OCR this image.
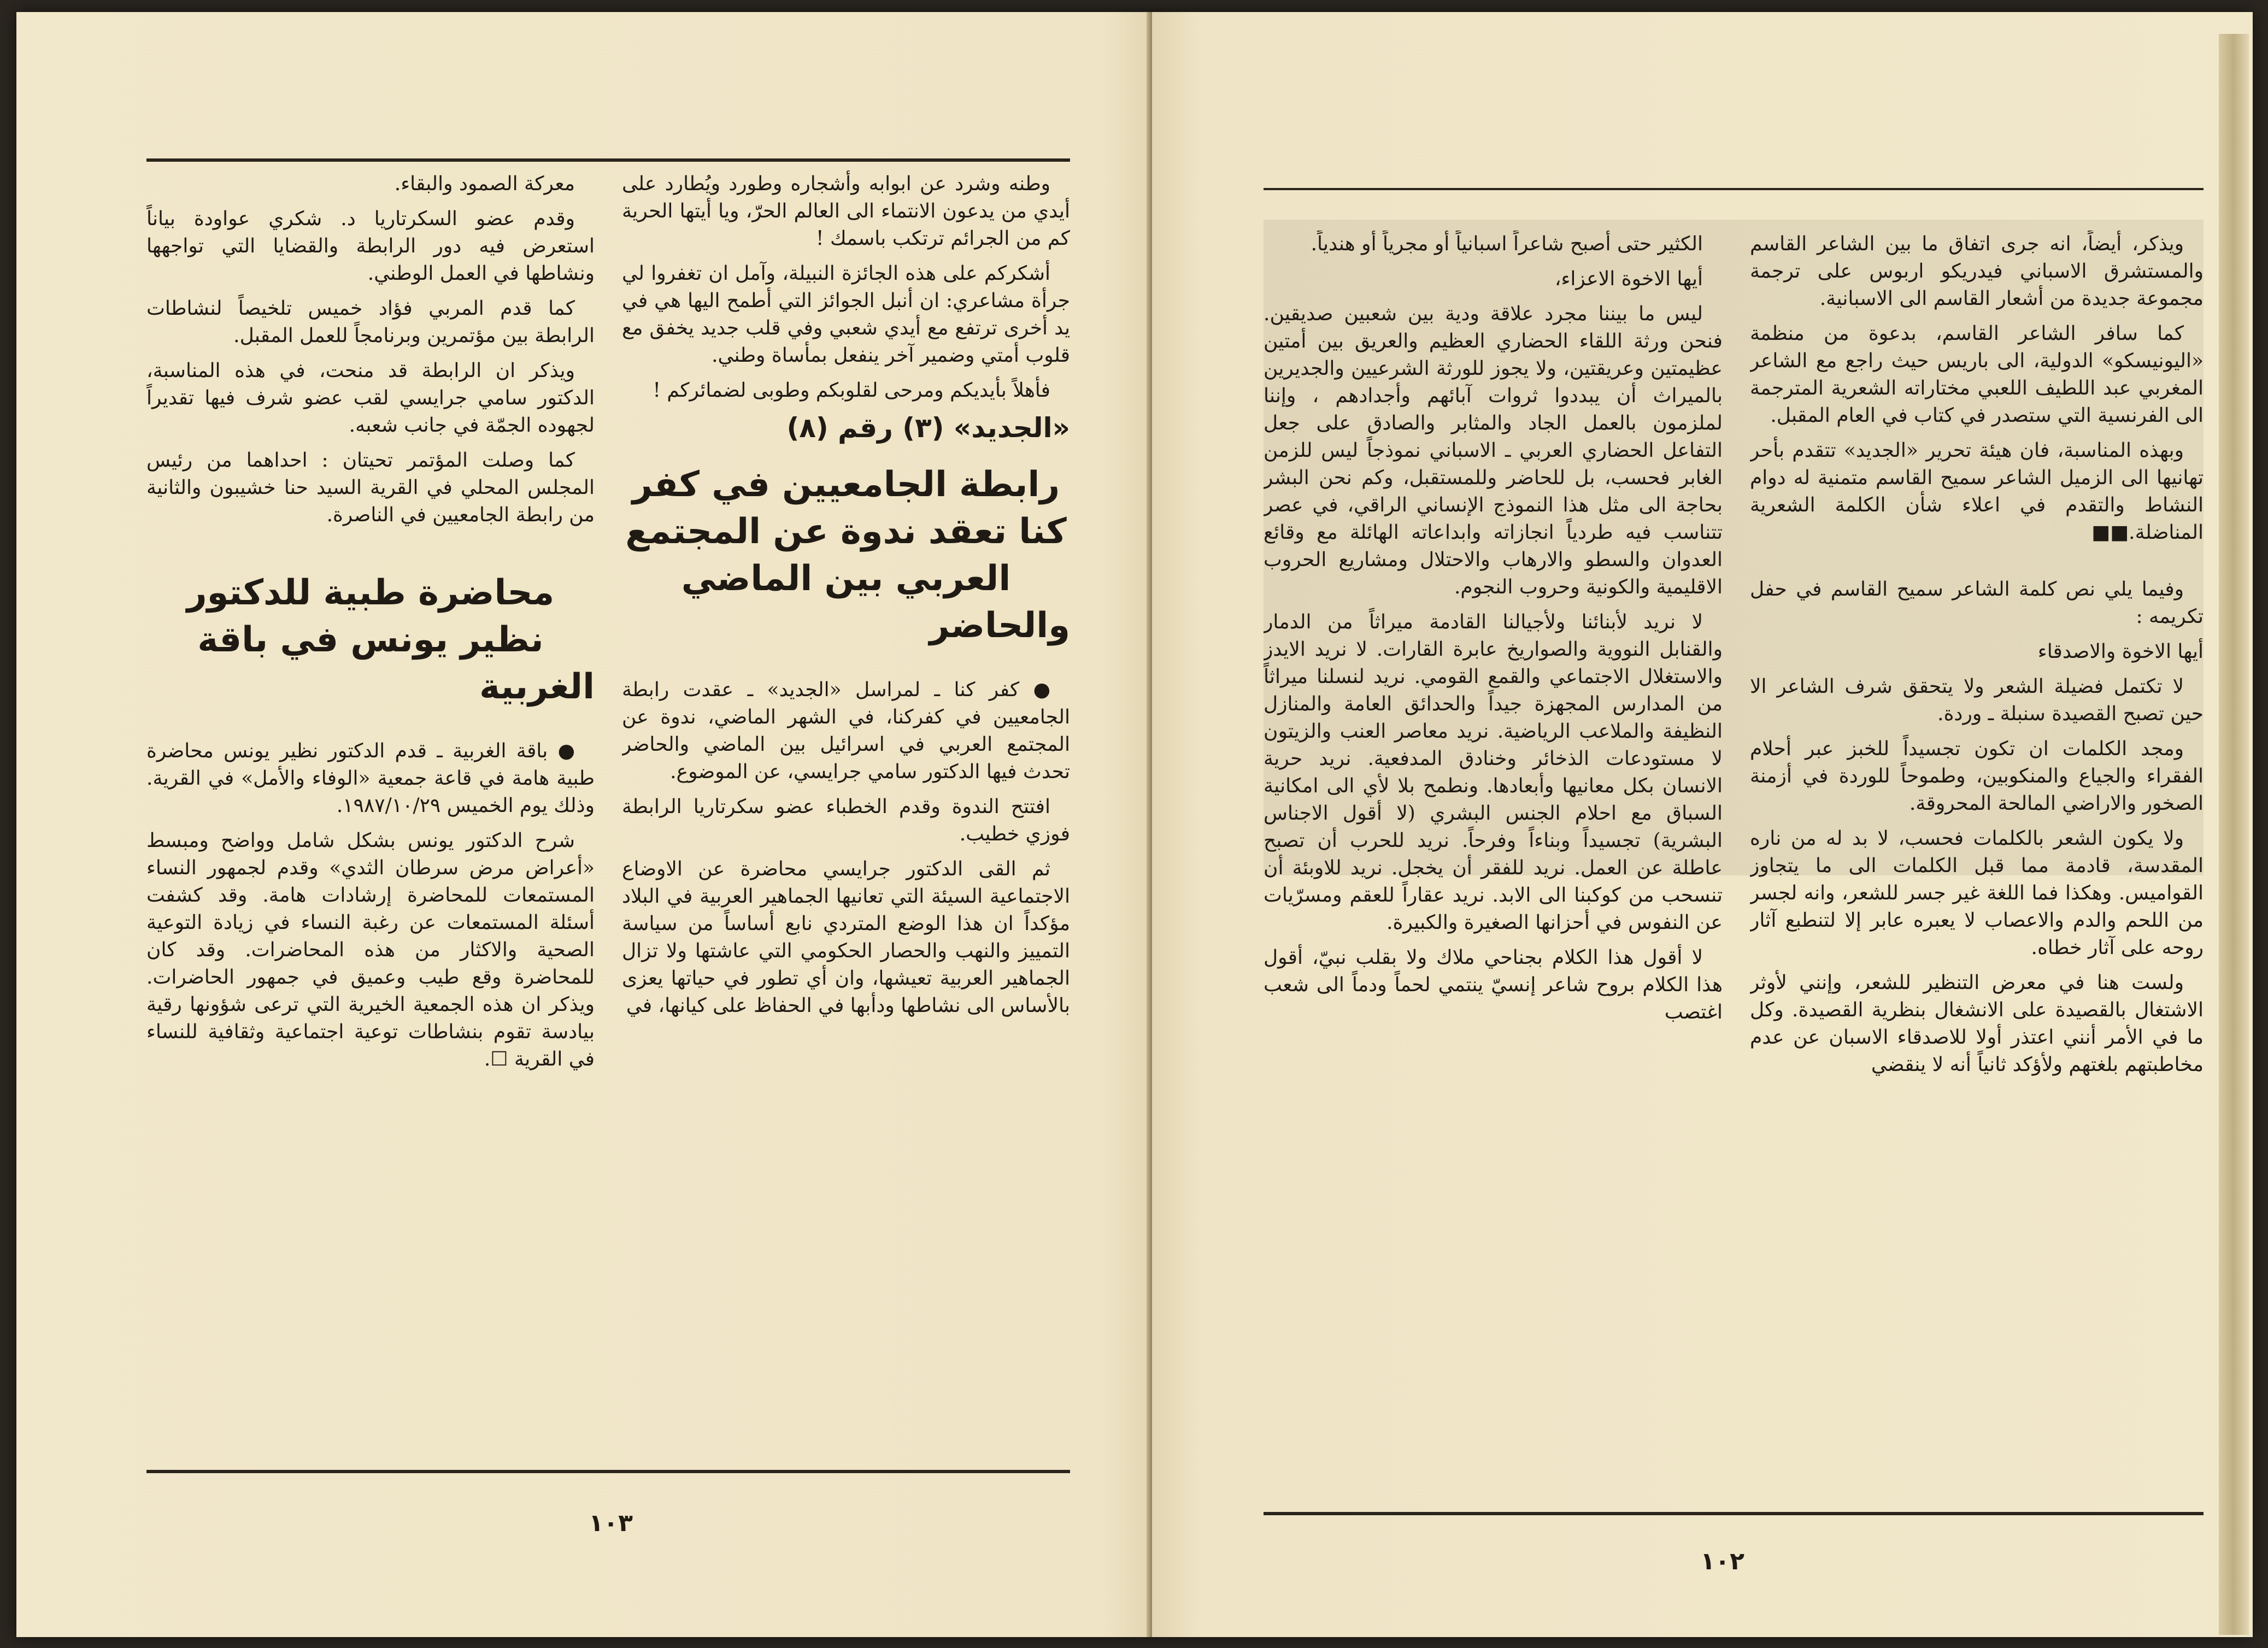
وطنه وشرد عن ابوابه وأشجاره وطورد ويُطارد على أيدي من يدعون الانتماء الى العالم الحرّ، ويا أيتها الحرية كم من الجرائم ترتكب باسمك !

أشكركم على هذه الجائزة النبيلة، وآمل ان تغفروا لي جرأة مشاعري: ان أنبل الجوائز التي أطمح اليها هي في يد أخرى ترتفع مع أيدي شعبي وفي قلب جديد يخفق مع قلوب أمتي وضمير آخر ينفعل بمأساة وطني.

فأهلاً بأيديكم ومرحى لقلوبكم وطوبى لضمائركم !

«الجديد» (٣) رقم (٨)
رابطة الجامعيين في كفر كنا تعقد ندوة عن المجتمع العربي بين الماضي والحاضر

● كفر كنا ـ لمراسل «الجديد» ـ عقدت رابطة الجامعيين في كفركنا، في الشهر الماضي، ندوة عن المجتمع العربي في اسرائيل بين الماضي والحاضر تحدث فيها الدكتور سامي جرايسي، عن الموضوع.

افتتح الندوة وقدم الخطباء عضو سكرتاريا الرابطة فوزي خطيب.

ثم القى الدكتور جرايسي محاضرة عن الاوضاع الاجتماعية السيئة التي تعانيها الجماهير العربية في البلاد مؤكداً ان هذا الوضع المتردي نابع أساساً من سياسة التمييز والنهب والحصار الحكومي التي عاشتها ولا تزال الجماهير العربية تعيشها، وان أي تطور في حياتها يعزى بالأساس الى نشاطها ودأبها في الحفاظ على كيانها، في

معركة الصمود والبقاء.

وقدم عضو السكرتاريا د. شكري عواودة بياناً استعرض فيه دور الرابطة والقضايا التي تواجهها ونشاطها في العمل الوطني.

كما قدم المربي فؤاد خميس تلخيصاً لنشاطات الرابطة بين مؤتمرين وبرنامجاً للعمل المقبل.

ويذكر ان الرابطة قد منحت، في هذه المناسبة، الدكتور سامي جرايسي لقب عضو شرف فيها تقديراً لجهوده الجمّة في جانب شعبه.

كما وصلت المؤتمر تحيتان : احداهما من رئيس المجلس المحلي في القرية السيد حنا خشيبون والثانية من رابطة الجامعيين في الناصرة.

محاضرة طبية للدكتور نظير يونس في باقة الغربية

● باقة الغربية ـ قدم الدكتور نظير يونس محاضرة طبية هامة في قاعة جمعية «الوفاء والأمل» في القرية. وذلك يوم الخميس ١٩٨٧/١٠/٢٩.

شرح الدكتور يونس بشكل شامل وواضح ومبسط «أعراض مرض سرطان الثدي» وقدم لجمهور النساء المستمعات للمحاضرة إرشادات هامة. وقد كشفت أسئلة المستمعات عن رغبة النساء في زيادة التوعية الصحية والاكثار من هذه المحاضرات. وقد كان للمحاضرة وقع طيب وعميق في جمهور الحاضرات. ويذكر ان هذه الجمعية الخيرية التي ترعى شؤونها رقية بيادسة تقوم بنشاطات توعية اجتماعية وثقافية للنساء في القرية ☐.

١٠٣

ويذكر، أيضاً، انه جرى اتفاق ما بين الشاعر القاسم والمستشرق الاسباني فيدريكو اربوس على ترجمة مجموعة جديدة من أشعار القاسم الى الاسبانية.

كما سافر الشاعر القاسم، بدعوة من منظمة «اليونيسكو» الدولية، الى باريس حيث راجع مع الشاعر المغربي عبد اللطيف اللعبي مختاراته الشعرية المترجمة الى الفرنسية التي ستصدر في كتاب في العام المقبل.

وبهذه المناسبة، فان هيئة تحرير «الجديد» تتقدم بأحر تهانيها الى الزميل الشاعر سميح القاسم متمنية له دوام النشاط والتقدم في اعلاء شأن الكلمة الشعرية المناضلة.■■

وفيما يلي نص كلمة الشاعر سميح القاسم في حفل تكريمه :

أيها الاخوة والاصدقاء

لا تكتمل فضيلة الشعر ولا يتحقق شرف الشاعر الا حين تصبح القصيدة سنبلة ـ وردة.

ومجد الكلمات ان تكون تجسيداً للخبز عبر أحلام الفقراء والجياع والمنكوبين، وطموحاً للوردة في أزمنة الصخور والاراضي المالحة المحروقة.

ولا يكون الشعر بالكلمات فحسب، لا بد له من ناره المقدسة، قادمة مما قبل الكلمات الى ما يتجاوز القواميس. وهكذا فما اللغة غير جسر للشعر، وانه لجسر من اللحم والدم والاعصاب لا يعبره عابر إلا لتنطبع آثار روحه على آثار خطاه.

ولست هنا في معرض التنظير للشعر، وإنني لأوثر الاشتغال بالقصيدة على الانشغال بنظرية القصيدة. وكل ما في الأمر أنني اعتذر أولا للاصدقاء الاسبان عن عدم مخاطبتهم بلغتهم ولأؤكد ثانياً أنه لا ينقضي

الكثير حتى أصبح شاعراً اسبانياً أو مجرياً أو هندياً.

أيها الاخوة الاعزاء،

ليس ما بيننا مجرد علاقة ودية بين شعبين صديقين. فنحن ورثة اللقاء الحضاري العظيم والعريق بين أمتين عظيمتين وعريقتين، ولا يجوز للورثة الشرعيين والجديرين بالميراث أن يبددوا ثروات آبائهم وأجدادهم ، وإننا لملزمون بالعمل الجاد والمثابر والصادق على جعل التفاعل الحضاري العربي ـ الاسباني نموذجاً ليس للزمن الغابر فحسب، بل للحاضر وللمستقبل، وكم نحن البشر بحاجة الى مثل هذا النموذج الإنساني الراقي، في عصر تتناسب فيه طردياً انجازاته وابداعاته الهائلة مع وقائع العدوان والسطو والارهاب والاحتلال ومشاريع الحروب الاقليمية والكونية وحروب النجوم.

لا نريد لأبنائنا ولأجيالنا القادمة ميراثاً من الدمار والقنابل النووية والصواريخ عابرة القارات. لا نريد الايدز والاستغلال الاجتماعي والقمع القومي. نريد لنسلنا ميراثاً من المدارس المجهزة جيداً والحدائق العامة والمنازل النظيفة والملاعب الرياضية. نريد معاصر العنب والزيتون لا مستودعات الذخائر وخنادق المدفعية. نريد حرية الانسان بكل معانيها وأبعادها. ونطمح بلا لأي الى امكانية السباق مع احلام الجنس البشري (لا أقول الاجناس البشرية) تجسيداً وبناءاً وفرحاً. نريد للحرب أن تصبح عاطلة عن العمل. نريد للفقر أن يخجل. نريد للاوبئة أن تنسحب من كوكبنا الى الابد. نريد عقاراً للعقم ومسرّيات عن النفوس في أحزانها الصغيرة والكبيرة.

لا أقول هذا الكلام بجناحي ملاك ولا بقلب نبيّ، أقول هذا الكلام بروح شاعر إنسيّ ينتمي لحماً ودماً الى شعب اغتصب

١٠٢
